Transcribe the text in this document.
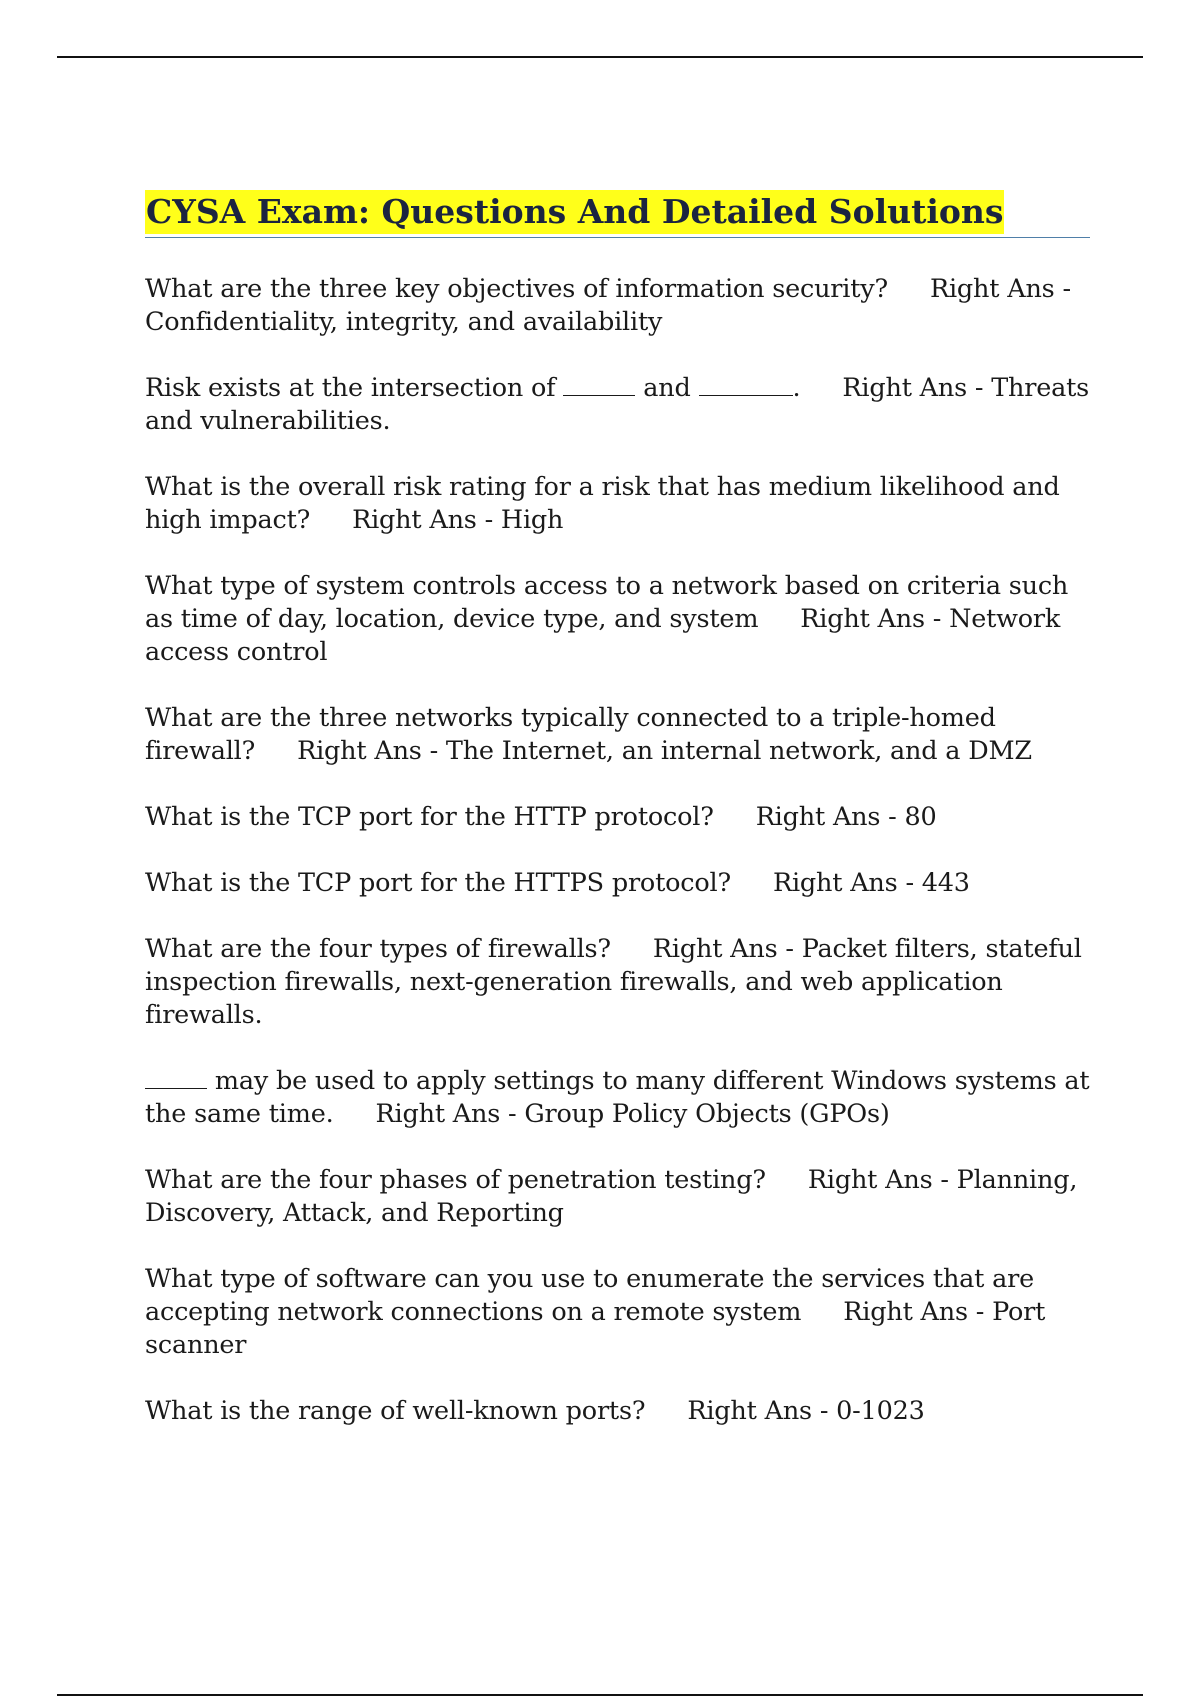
CYSA Exam: Questions And Detailed Solutions

What are the three key objectives of information security? Right Ans - Confidentiality, integrity, and availability

Risk exists at the intersection of	and	. Right Ans - Threats and vulnerabilities.

What is the overall risk rating for a risk that has medium likelihood and high impact? Right Ans - High

What type of system controls access to a network based on criteria such as time of day, location, device type, and system Right Ans - Network access control

What are the three networks typically connected to a triple-homed firewall? Right Ans - The Internet, an internal network, and a DMZ

What is the TCP port for the HTTP protocol? Right Ans - 80

What is the TCP port for the HTTPS protocol? Right Ans - 443

What are the four types of firewalls? Right Ans - Packet filters, stateful inspection firewalls, next-generation firewalls, and web application firewalls.

may be used to apply settings to many different Windows systems at the same time. Right Ans - Group Policy Objects (GPOs)

What are the four phases of penetration testing? Right Ans - Planning, Discovery, Attack, and Reporting

What type of software can you use to enumerate the services that are accepting network connections on a remote system Right Ans - Port scanner

What is the range of well-known ports? Right Ans - 0-1023
